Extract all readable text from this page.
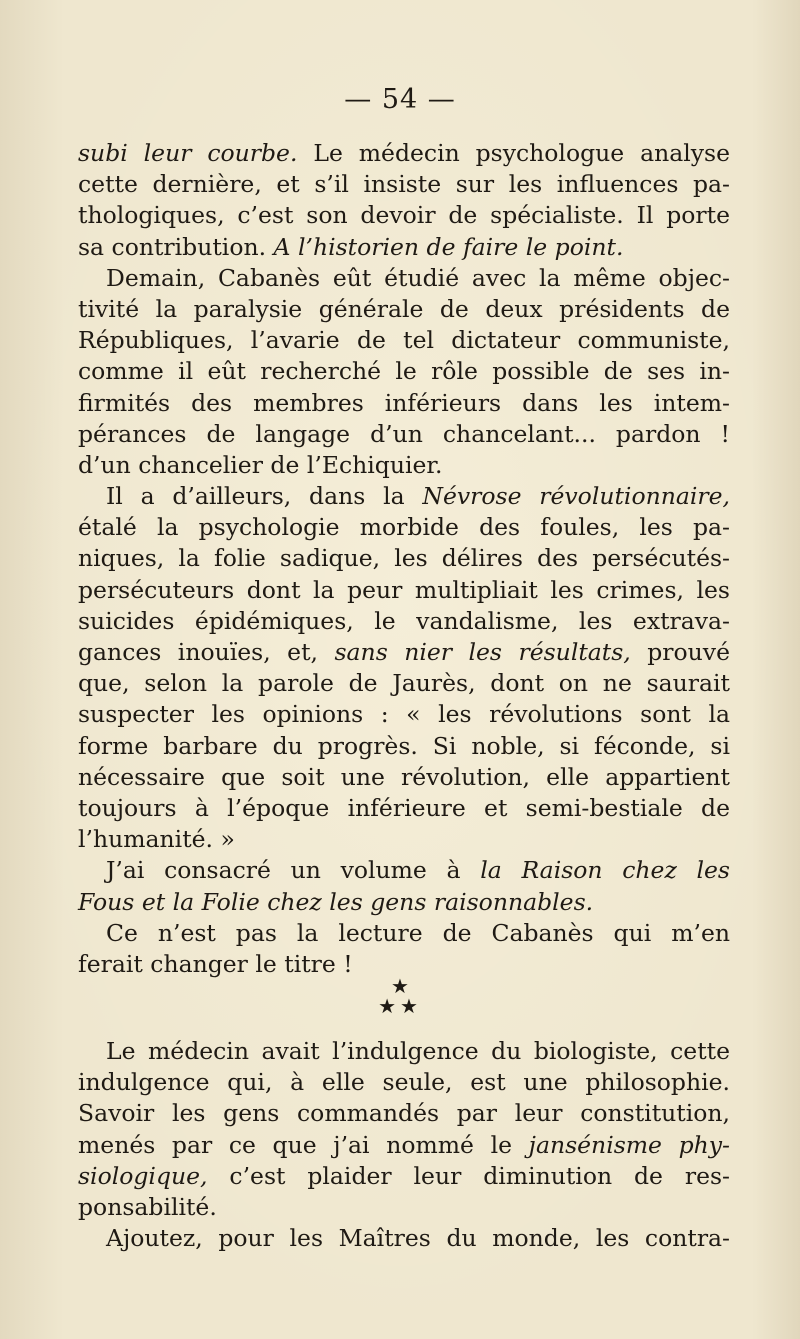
— 54 —
subi leur courbe. Le médecin psychologue analyse
cette dernière, et s’il insiste sur les influences pa-
thologiques, c’est son devoir de spécialiste. Il porte
sa contribution. A l’historien de faire le point.
Demain, Cabanès eût étudié avec la même objec-
tivité la paralysie générale de deux présidents de
Républiques, l’avarie de tel dictateur communiste,
comme il eût recherché le rôle possible de ses in-
firmités des membres inférieurs dans les intem-
pérances de langage d’un chancelant... pardon !
d’un chancelier de l’Echiquier.
Il a d’ailleurs, dans la Névrose révolutionnaire,
étalé la psychologie morbide des foules, les pa-
niques, la folie sadique, les délires des persécutés-
persécuteurs dont la peur multipliait les crimes, les
suicides épidémiques, le vandalisme, les extrava-
gances inouïes, et, sans nier les résultats, prouvé
que, selon la parole de Jaurès, dont on ne saurait
suspecter les opinions : « les révolutions sont la
forme barbare du progrès. Si noble, si féconde, si
nécessaire que soit une révolution, elle appartient
toujours à l’époque inférieure et semi-bestiale de
l’humanité. »
J’ai consacré un volume à la Raison chez les
Fous et la Folie chez les gens raisonnables.
Ce n’est pas la lecture de Cabanès qui m’en
ferait changer le titre !
★
★★
Le médecin avait l’indulgence du biologiste, cette
indulgence qui, à elle seule, est une philosophie.
Savoir les gens commandés par leur constitution,
menés par ce que j’ai nommé le jansénisme phy-
siologique, c’est plaider leur diminution de res-
ponsabilité.
Ajoutez, pour les Maîtres du monde, les contra-
